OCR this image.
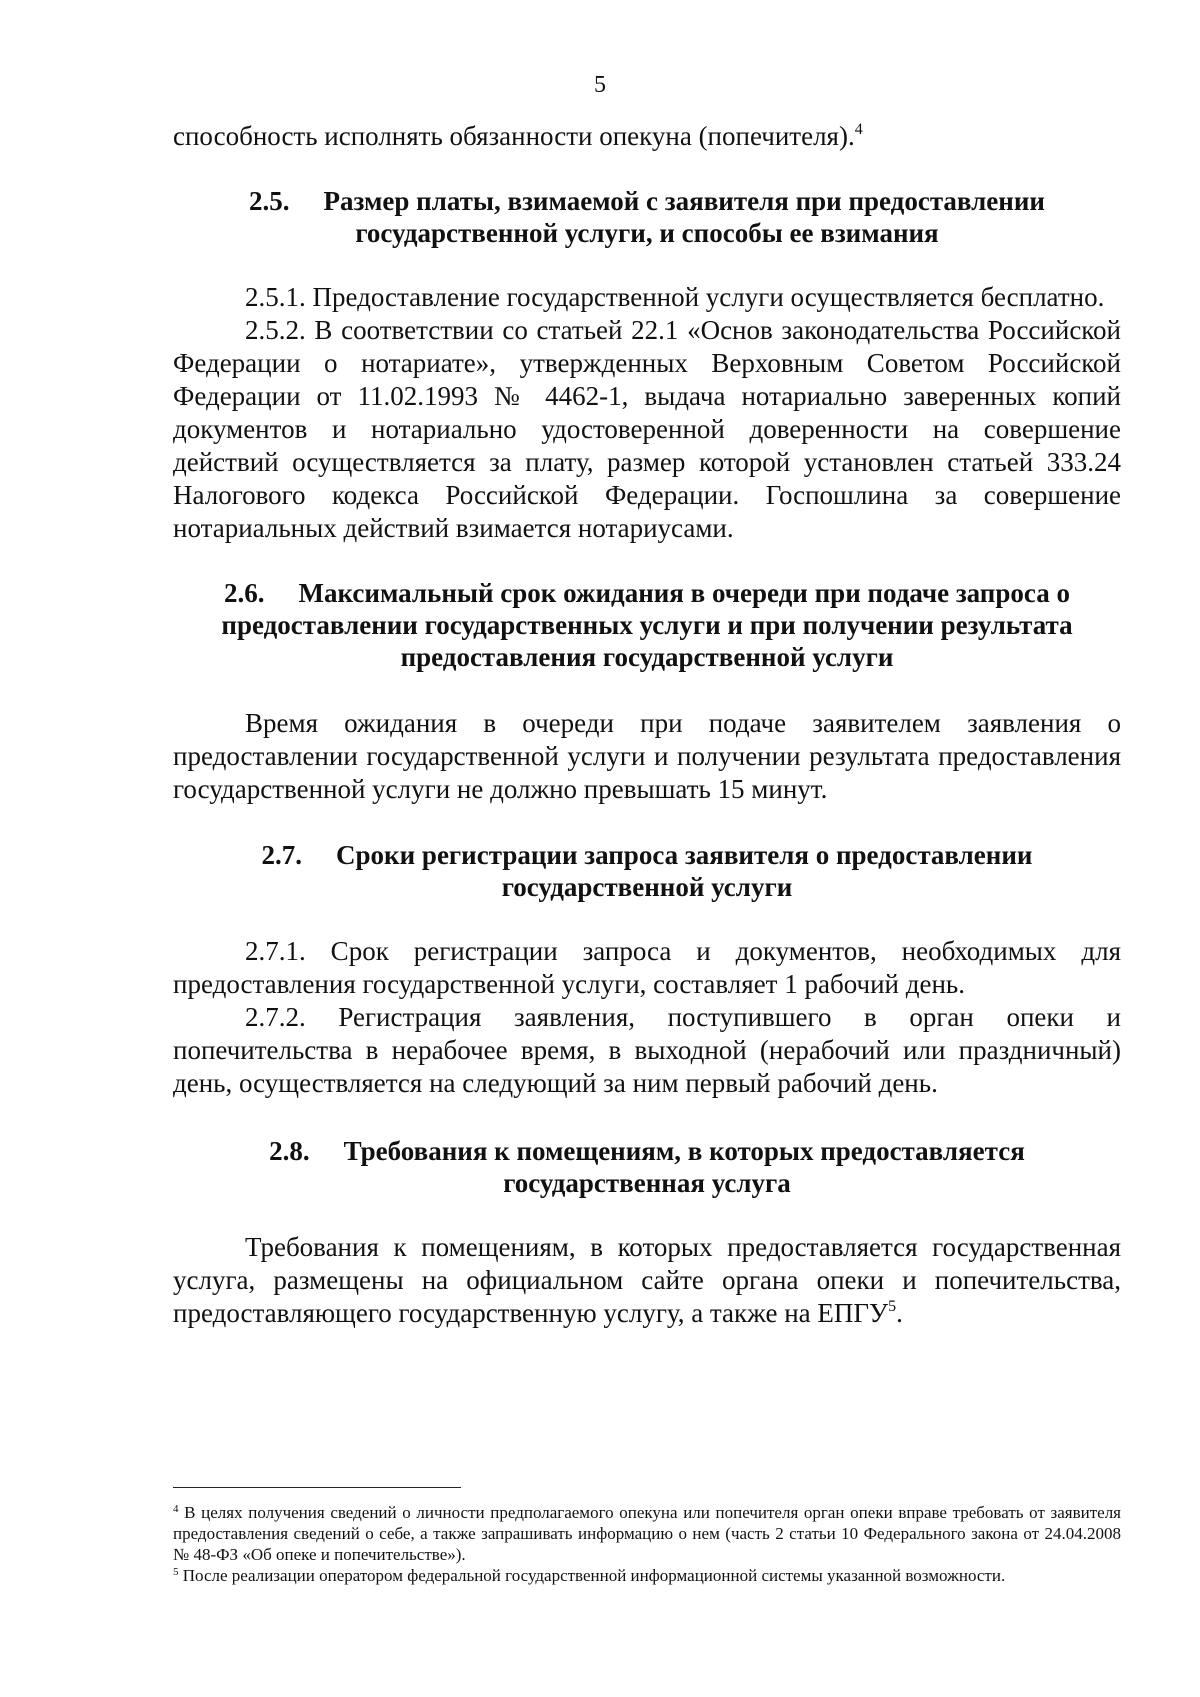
5

способность исполнять обязанности опекуна (попечителя).$^4$

2.5. Размер платы, взимаемой с заявителя при предоставлении
государственной услуги, и способы ее взимания

2.5.1. Предоставление государственной услуги осуществляется бесплатно.

2.5.2. В соответствии со статьей 22.1 «Основ законодательства Российской Федерации о нотариате», утвержденных Верховным Советом Российской Федерации от 11.02.1993 № 4462-1, выдача нотариально заверенных копий документов и нотариально удостоверенной доверенности на совершение действий осуществляется за плату, размер которой установлен статьей 333.24 Налогового кодекса Российской Федерации. Госпошлина за совершение нотариальных действий взимается нотариусами.

2.6. Максимальный срок ожидания в очереди при подаче запроса о
предоставлении государственных услуги и при получении результата
предоставления государственной услуги

Время ожидания в очереди при подаче заявителем заявления о предоставлении государственной услуги и получении результата предоставления государственной услуги не должно превышать 15 минут.

2.7. Сроки регистрации запроса заявителя о предоставлении
государственной услуги

2.7.1. Срок регистрации запроса и документов, необходимых для предоставления государственной услуги, составляет 1 рабочий день.

2.7.2. Регистрация заявления, поступившего в орган опеки и попечительства в нерабочее время, в выходной (нерабочий или праздничный) день, осуществляется на следующий за ним первый рабочий день.

2.8. Требования к помещениям, в которых предоставляется
государственная услуга

Требования к помещениям, в которых предоставляется государственная услуга, размещены на официальном сайте органа опеки и попечительства, предоставляющего государственную услугу, а также на ЕПГУ$^5$.

$^4$ В целях получения сведений о личности предполагаемого опекуна или попечителя орган опеки вправе требовать от заявителя предоставления сведений о себе, а также запрашивать информацию о нем (часть 2 статьи 10 Федерального закона от 24.04.2008 № 48-ФЗ «Об опеке и попечительстве»).

$^5$ После реализации оператором федеральной государственной информационной системы указанной возможности.
